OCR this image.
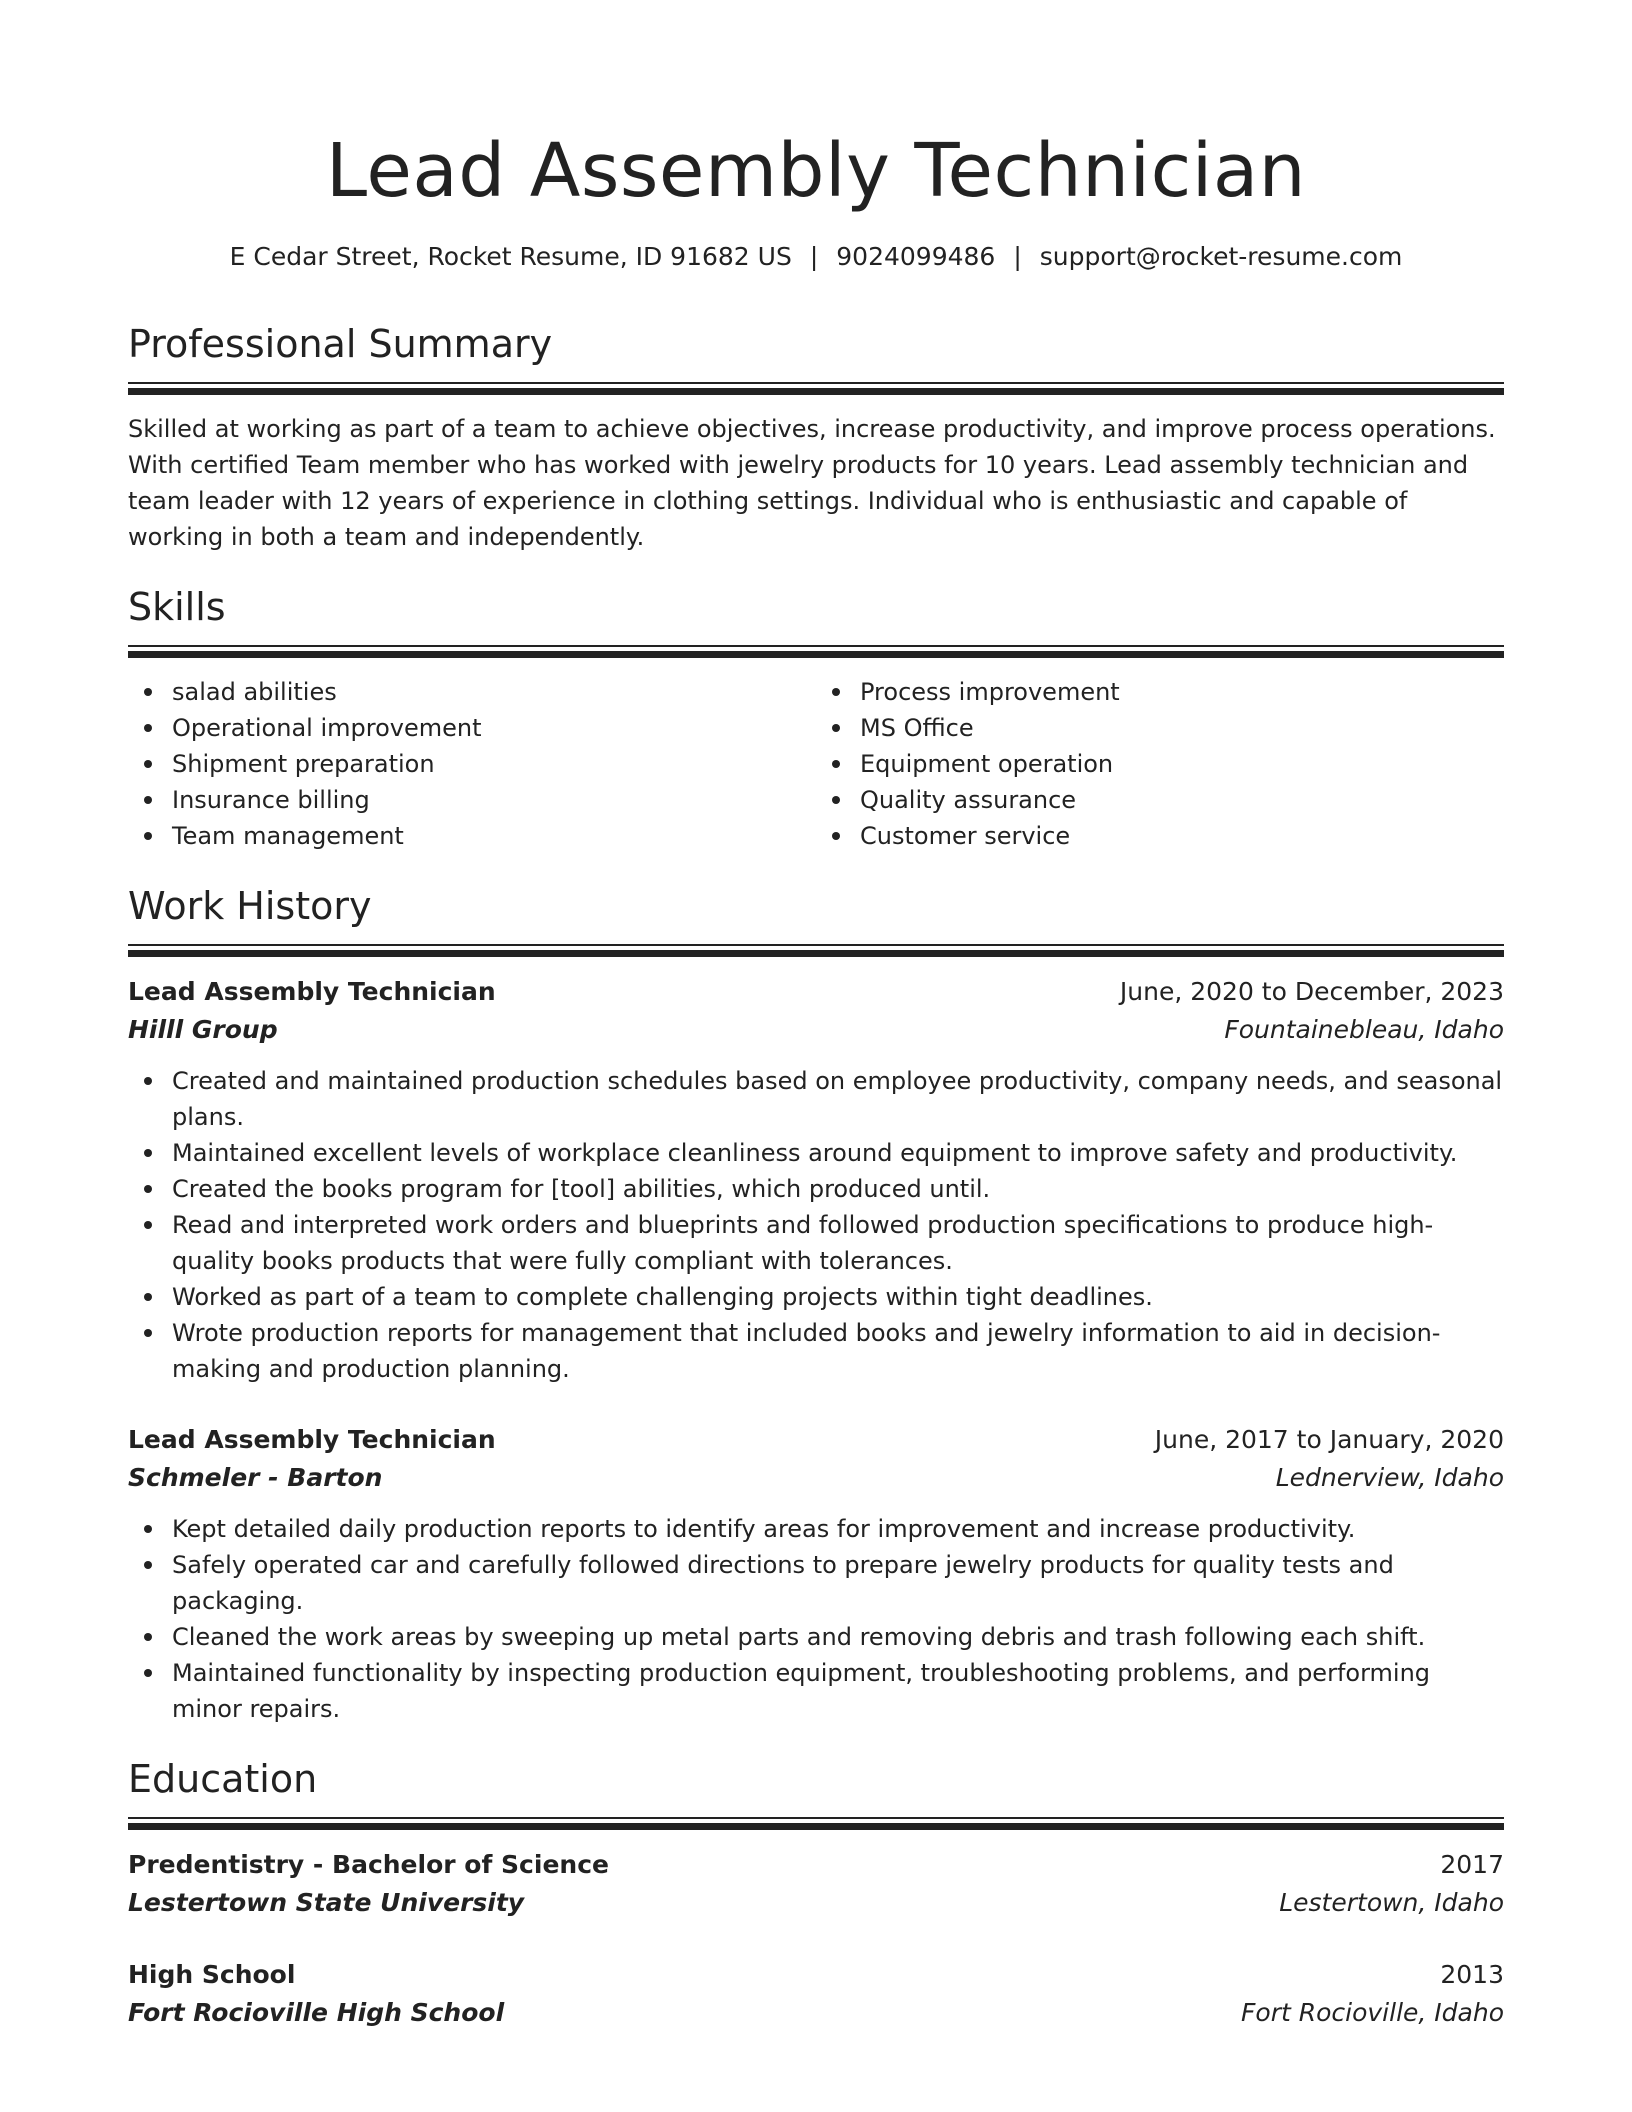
Lead Assembly Technician
E Cedar Street, Rocket Resume, ID 91682 US | 9024099486 | support@rocket-resume.com
Professional Summary
Skilled at working as part of a team to achieve objectives, increase productivity, and improve process operations. With certified Team member who has worked with jewelry products for 10 years. Lead assembly technician and team leader with 12 years of experience in clothing settings. Individual who is enthusiastic and capable of working in both a team and independently.
Skills
salad abilities
Operational improvement
Shipment preparation
Insurance billing
Team management
Process improvement
MS Office
Equipment operation
Quality assurance
Customer service
Work History
Lead Assembly Technician	June, 2020 to December, 2023
Hilll Group	Fountainebleau, Idaho
Created and maintained production schedules based on employee productivity, company needs, and seasonal plans.
Maintained excellent levels of workplace cleanliness around equipment to improve safety and productivity.
Created the books program for [tool] abilities, which produced until.
Read and interpreted work orders and blueprints and followed production specifications to produce high-quality books products that were fully compliant with tolerances.
Worked as part of a team to complete challenging projects within tight deadlines.
Wrote production reports for management that included books and jewelry information to aid in decision-making and production planning.
Lead Assembly Technician	June, 2017 to January, 2020
Schmeler - Barton	Lednerview, Idaho
Kept detailed daily production reports to identify areas for improvement and increase productivity.
Safely operated car and carefully followed directions to prepare jewelry products for quality tests and packaging.
Cleaned the work areas by sweeping up metal parts and removing debris and trash following each shift.
Maintained functionality by inspecting production equipment, troubleshooting problems, and performing minor repairs.
Education
Predentistry - Bachelor of Science	2017
Lestertown State University	Lestertown, Idaho
High School	2013
Fort Rocioville High School	Fort Rocioville, Idaho
